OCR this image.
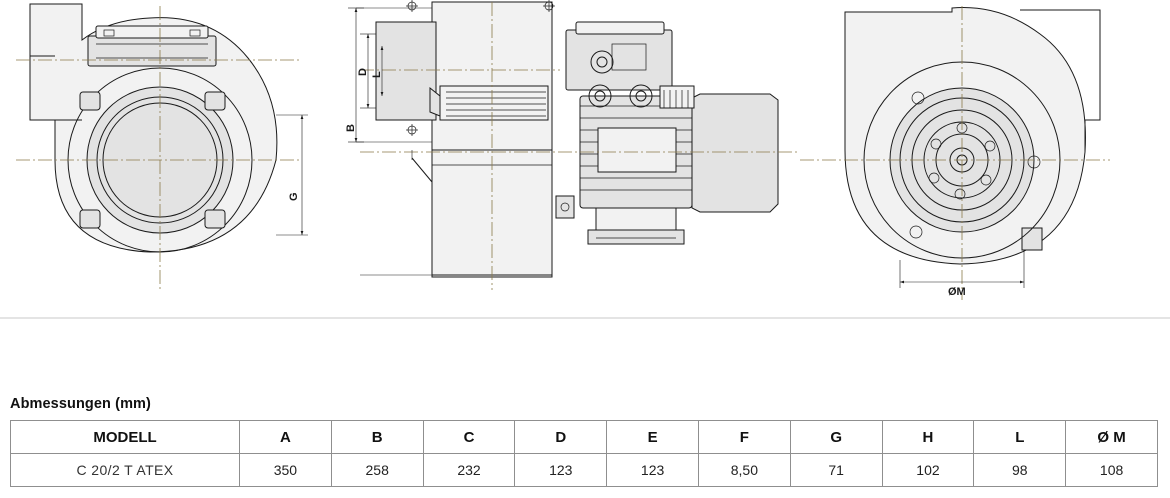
G
D L
B
ØM
Abmessungen (mm)
MODELL	A	B	C	D	E	F	G	H	L	Ø M
C 20/2 T ATEX	350	258	232	123	123	8,50	71	102	98	108
